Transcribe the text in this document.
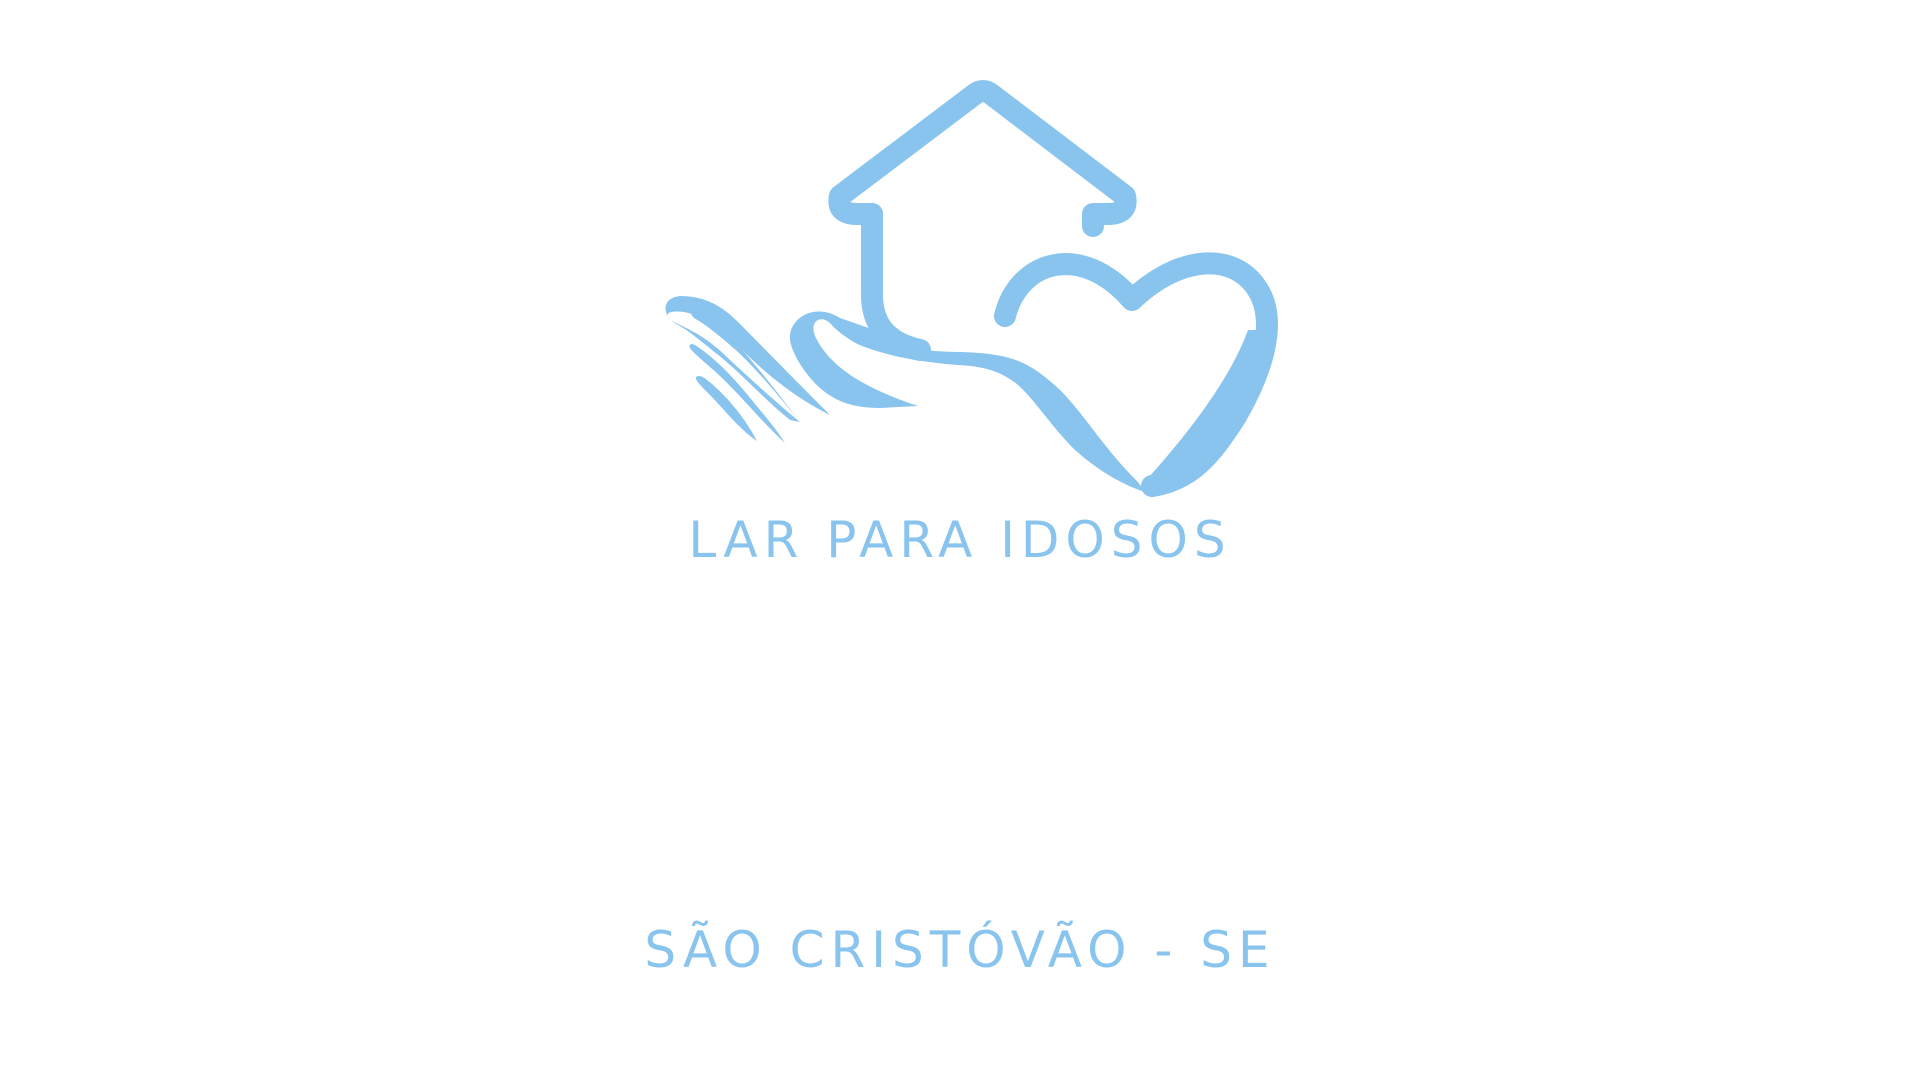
LAR PARA IDOSOS
SÃO CRISTÓVÃO - SE
